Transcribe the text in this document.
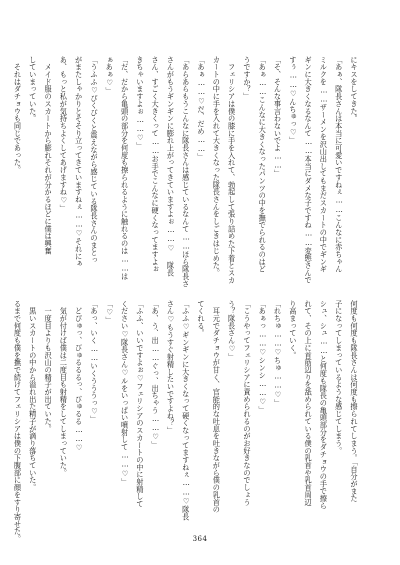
にキスをしてきた。
「あぁ、隊長さんは本当に可愛いですねぇ……こんなに赤ちゃん
ミルクを……ザーメンを沢山出してもまだスカートの中でギンギ
ギンに大きくなるなんて……本当にダメな子ですね……変態さんで
すぅ……♡んちゅっ♡」
「そ、そんな事言わないでよ……」
「あぁ……こんなに大きくなったパンツの中を撫でられるのはど
うですか？」
　フェリシアは僕の膝に手を入れて、勃起して張り詰めた下着とスカ
カートの中に手を入れて大きくなった隊長さんをしごきはじめた。
「あぁ……♡だ、だめ……」
「あらあらもうこんなに隊長さんは感じているなんて……ほら隊長さ
さんがもうギンギンに膨れ上がってきていますよぉ……♡ 隊長
さん、すごく大きくって……お手でこんなに硬くなってますよぉ
きちゃいますよぉ……♡」
「だ、だから亀頭の部分を何度も擦られるように触れるのは……は
ぁあぁ♡」
「うふふ♡ぴくぴくと震えながら感じている隊長さんのまとっ
がまたしゃかりとそそり立ってきていますねぇ……♡それにぁ
あ、もっと私が気持ちよくしてあげますね♡」
　メイド服のスカートから膨れそれが分かるほどに僕は興奮
していまっていた。
　それはダチョウも同じであった。
何度も何度も隊長さんは何度も擦られてしまう。「自分がまた
子になってしまっているような感じてしまう。
シュ、シュ……と何度も隊長の亀頭部分をダチョウの手で擦ら
れて、その上に首筋辺りを舐められている僕の乳首や乳首周辺
り高まっていく。
「れちゅ……♡ちゅ……♡」
「あぁっ……♡シンシ……♡」
「こうやってフェリシアに責められるのがお好きなのでしょう
う？隊長さん♡」
　耳元でダチョウが甘く、官能的な吐息を吐きながら僕の乳首の
てくれる。
「ふふ♡ギンギンに大きくなって硬くなってますねぇ……♡隊長
さん♡もうすぐ射精したいですよね？」
「あ、う、出……ぐっ、出ちゃう……♡」
「ふふ、いいですよぉ♡フェリシアのスカートの中に射精して
ください♡隊長さん♡ルをいっぱい噴射して……♡」
「♡」
「あっ、いく……いくうううっ♡」
　どぴゅっ、びゅるるるっ、びゅるる……♡
　気が付けば僕は二度目も射精をしてしまっていた。
　一度目よりも沢山の精子が出ていた。
　黒いスカートの中から溢れ出た精子が滴り落ちていた。
るまで何度も僕を撫で続けてフェリシアは僕の下腹部に顔をすり寄せた。	364
